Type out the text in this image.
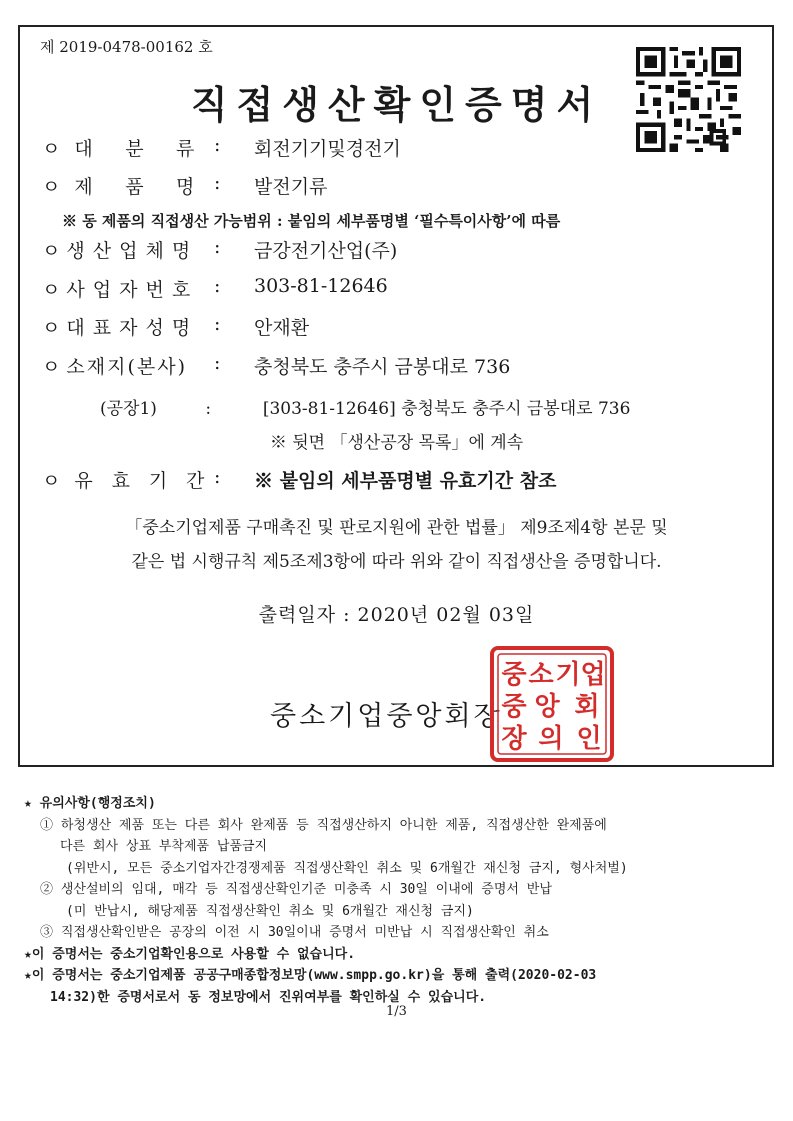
제 2019-0478-00162 호
직접생산확인증명서
ㅇ 대 분 류 :	회전기기및경전기
ㅇ 제 품 명 :	발전기류
※ 동 제품의 직접생산 가능범위 : 붙임의 세부품명별 ‘필수특이사항’에 따름
ㅇ 생산업체명 :	금강전기산업(주)
ㅇ 사업자번호 :	303-81-12646
ㅇ 대표자성명 :	안재환
ㅇ 소재지(본사)	:	충청북도 충주시 금봉대로 736
(공장1)	:	[303-81-12646] 충청북도 충주시 금봉대로 736
※ 뒷면 「생산공장 목록」에 계속
ㅇ 유 효 기 간 :	※ 붙임의 세부품명별 유효기간 참조
「중소기업제품 구매촉진 및 판로지원에 관한 법률」 제9조제4항 본문 및
같은 법 시행규칙 제5조제3항에 따라 위와 같이 직접생산을 증명합니다.
출력일자 : 2020년 02월 03일
중소기업중앙회장
중 소 기 업
중 앙 회
장 의 인
★ 유의사항(행정조치)
① 하청생산 제품 또는 다른 회사 완제품 등 직접생산하지 아니한 제품, 직접생산한 완제품에
다른 회사 상표 부착제품 납품금지
(위반시, 모든 중소기업자간경쟁제품 직접생산확인 취소 및 6개월간 재신청 금지, 형사처벌)
② 생산설비의 임대, 매각 등 직접생산확인기준 미충족 시 30일 이내에 증명서 반납
(미 반납시, 해당제품 직접생산확인 취소 및 6개월간 재신청 금지)
③ 직접생산확인받은 공장의 이전 시 30일이내 증명서 미반납 시 직접생산확인 취소
★이 증명서는 중소기업확인용으로 사용할 수 없습니다.
★이 증명서는 중소기업제품 공공구매종합정보망(www.smpp.go.kr)을 통해 출력(2020-02-03
14:32)한 증명서로서 동 정보망에서 진위여부를 확인하실 수 있습니다.
1/3
